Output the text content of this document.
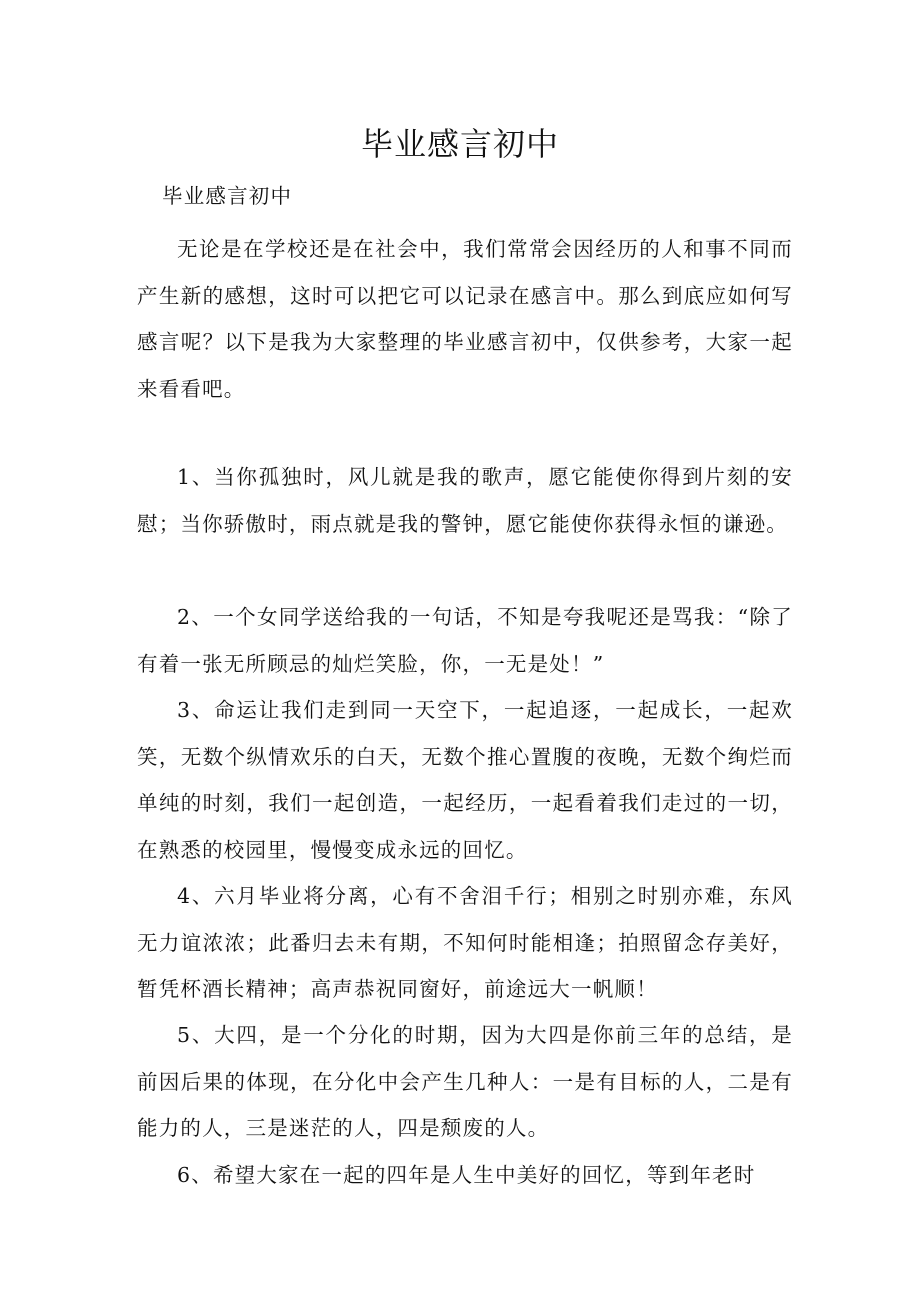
毕业感言初中

毕业感言初中

无论是在学校还是在社会中，我们常常会因经历的人和事不同而产生新的感想，这时可以把它可以记录在感言中。那么到底应如何写感言呢？以下是我为大家整理的毕业感言初中，仅供参考，大家一起来看看吧。

1、当你孤独时，风儿就是我的歌声，愿它能使你得到片刻的安慰；当你骄傲时，雨点就是我的警钟，愿它能使你获得永恒的谦逊。

2、一个女同学送给我的一句话，不知是夸我呢还是骂我：“除了有着一张无所顾忌的灿烂笑脸，你，一无是处！”

3、命运让我们走到同一天空下，一起追逐，一起成长，一起欢笑，无数个纵情欢乐的白天，无数个推心置腹的夜晚，无数个绚烂而单纯的时刻，我们一起创造，一起经历，一起看着我们走过的一切，在熟悉的校园里，慢慢变成永远的回忆。

4、六月毕业将分离，心有不舍泪千行；相别之时别亦难，东风无力谊浓浓；此番归去未有期，不知何时能相逢；拍照留念存美好，暂凭杯酒长精神；高声恭祝同窗好，前途远大一帆顺！

5、大四，是一个分化的时期，因为大四是你前三年的总结，是前因后果的体现，在分化中会产生几种人：一是有目标的人，二是有能力的人，三是迷茫的人，四是颓废的人。

6、希望大家在一起的四年是人生中美好的回忆，等到年老时
